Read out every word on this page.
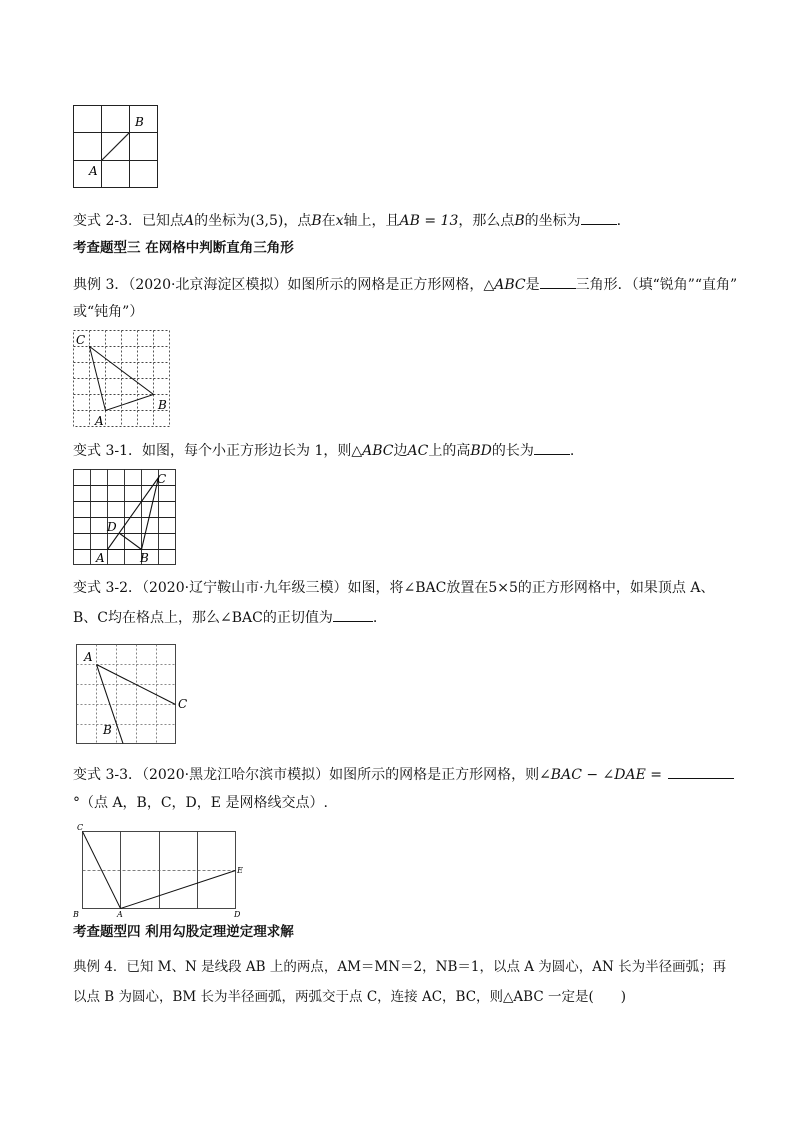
A
B
变式 2-3．已知点A的坐标为(3,5)，点B在x轴上，且AB = 13，那么点B的坐标为	.
考查题型三 在网格中判断直角三角形
典例 3．（2020·北京海淀区模拟）如图所示的网格是正方形网格，△ABC是	三角形．（填“锐角”“直角”
或“钝角”）
C
A
B
变式 3-1．如图，每个小正方形边长为 1，则△ABC边AC上的高BD的长为	.
C
D
A	B
变式 3-2．（2020·辽宁鞍山市·九年级三模）如图，将∠BAC放置在5×5的正方形网格中，如果顶点 A、
B、C均在格点上，那么∠BAC的正切值为	.
A
C
B
变式 3-3．（2020·黑龙江哈尔滨市模拟）如图所示的网格是正方形网格，则∠BAC − ∠DAE =
°（点 A，B，C，D，E 是网格线交点）.
C
E
B	A	D
考查题型四 利用勾股定理逆定理求解
典例 4．已知 M、N 是线段 AB 上的两点，AM＝MN＝2，NB＝1，以点 A 为圆心，AN 长为半径画弧；再
以点 B 为圆心，BM 长为半径画弧，两弧交于点 C，连接 AC，BC，则△ABC 一定是(　　)
